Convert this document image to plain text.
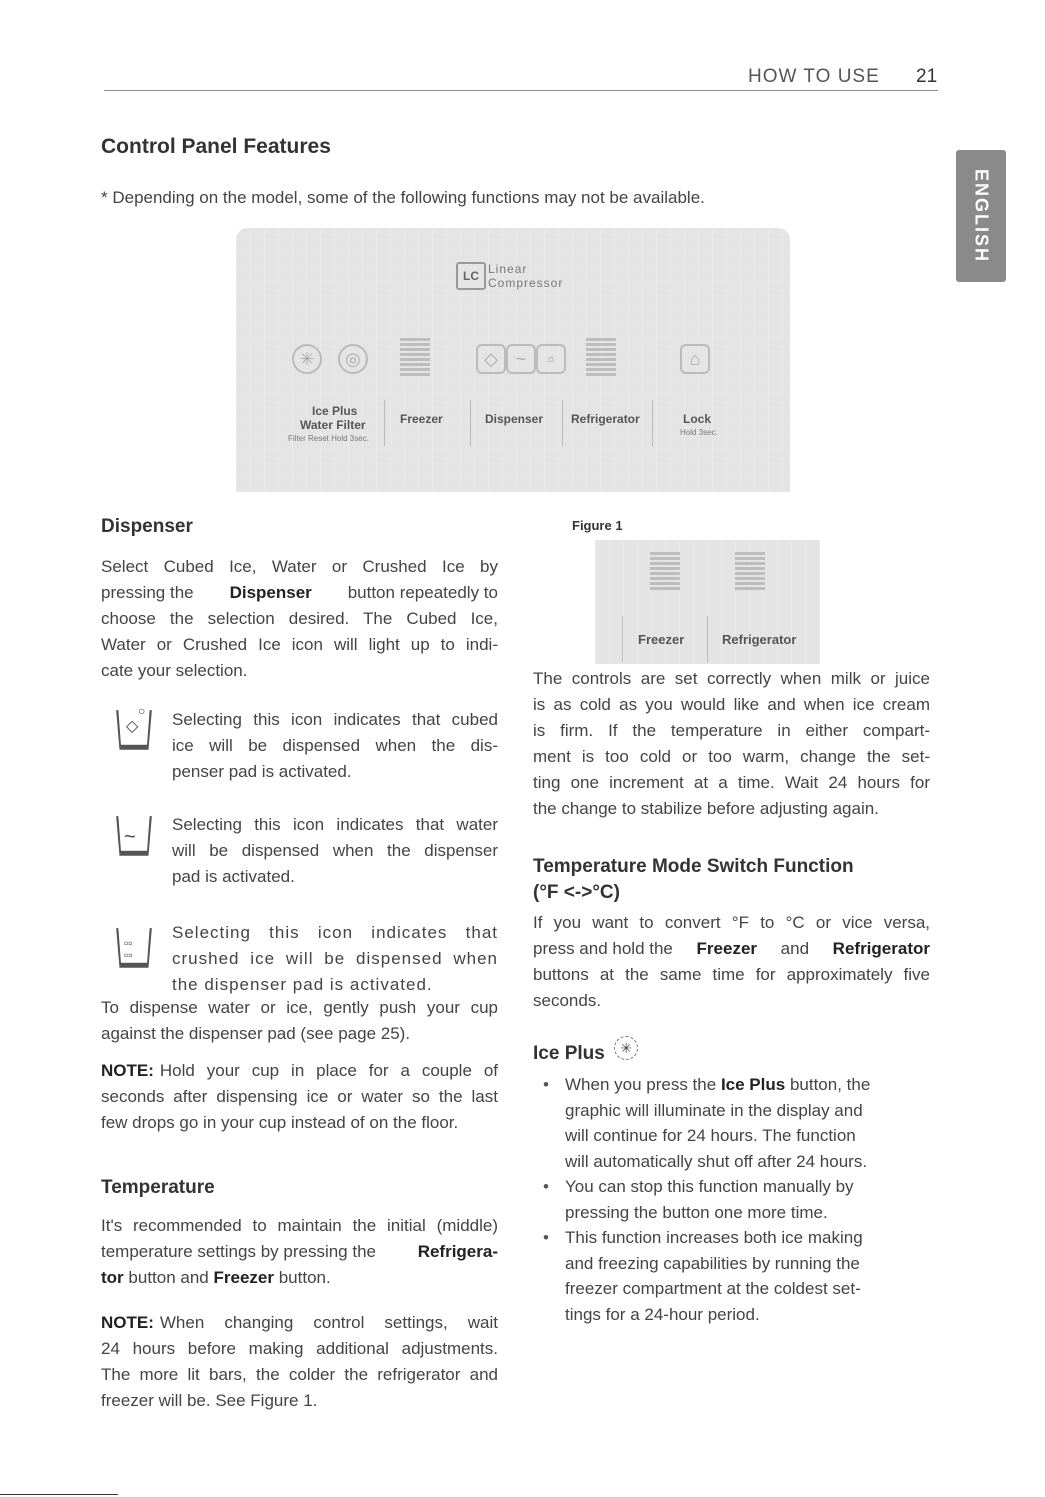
HOW TO USE 21
ENGLISH
Control Panel Features
* Depending on the model, some of the following functions may not be available.
LC Linear
Compressor
✳	◎	◇ ~	▫	⌂
Ice Plus
Water Filter
Filter Reset Hold 3sec.
Freezer	Dispenser Refrigerator	Lock
Hold 3sec.
Dispenser
Select Cubed Ice, Water or Crushed Ice by
pressing the Dispenser button repeatedly to
choose the selection desired. The Cubed Ice,
Water or Crushed Ice icon will light up to indi-
cate your selection.
◇
○ Selecting this icon indicates that cubed
ice will be dispensed when the dis-
penser pad is activated.
~
Selecting this icon indicates that water
will be dispensed when the dispenser
pad is activated.
▫▫
▫▫
Selecting this icon indicates that
crushed ice will be dispensed when
the dispenser pad is activated.
To dispense water or ice, gently push your cup
against the dispenser pad (see page 25).
NOTE: Hold your cup in place for a couple of
seconds after dispensing ice or water so the last
few drops go in your cup instead of on the floor.
Temperature
It's recommended to maintain the initial (middle)
temperature settings by pressing the Refrigera-
tor button and Freezer button.
NOTE: When changing control settings, wait
24 hours before making additional adjustments.
The more lit bars, the colder the refrigerator and
freezer will be. See Figure 1.
Figure 1
Freezer	Refrigerator
The controls are set correctly when milk or juice
is as cold as you would like and when ice cream
is firm. If the temperature in either compart-
ment is too cold or too warm, change the set-
ting one increment at a time. Wait 24 hours for
the change to stabilize before adjusting again.
Temperature Mode Switch Function
(°F <->°C)
If you want to convert °F to °C or vice versa,
press and hold the Freezer and Refrigerator
buttons at the same time for approximately five
seconds.
Ice Plus ✳
• When you press the Ice Plus button, the
graphic will illuminate in the display and
will continue for 24 hours. The function
will automatically shut off after 24 hours.
• You can stop this function manually by
pressing the button one more time.
• This function increases both ice making
and freezing capabilities by running the
freezer compartment at the coldest set-
tings for a 24-hour period.
